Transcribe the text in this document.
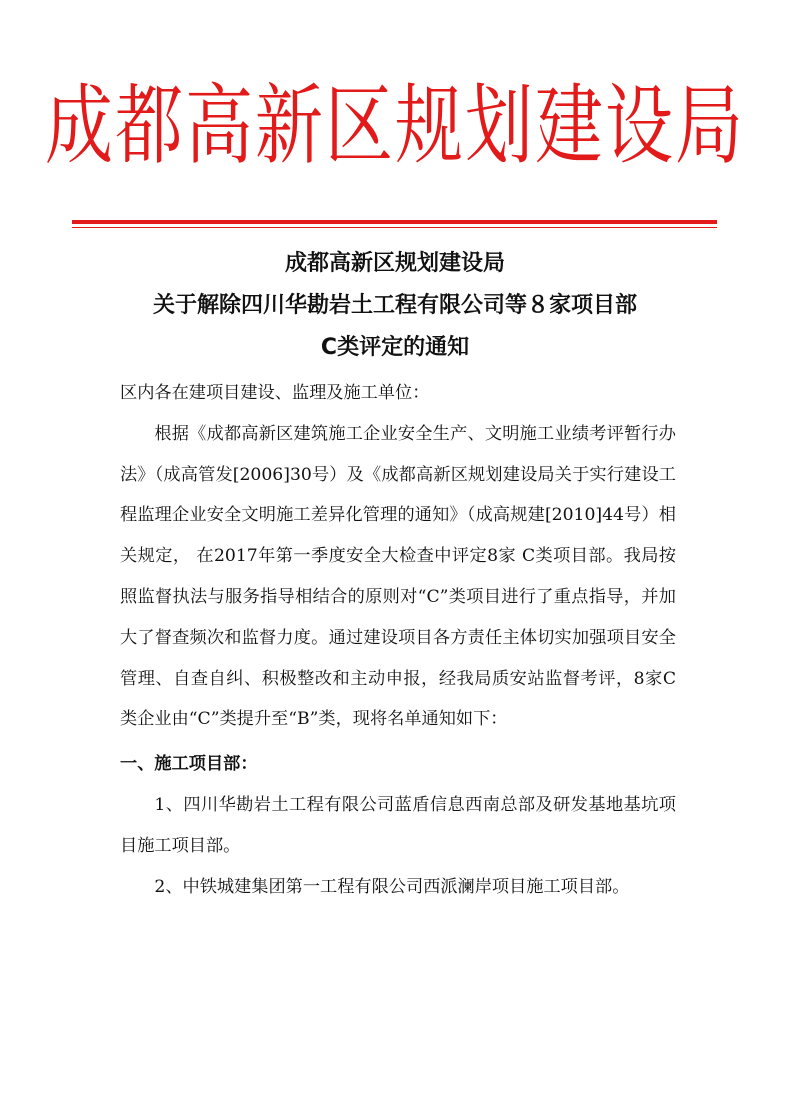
成都高新区规划建设局
成都高新区规划建设局
关于解除四川华勘岩土工程有限公司等８家项目部
C类评定的通知

区内各在建项目建设、监理及施工单位：

根据《成都高新区建筑施工企业安全生产、文明施工业绩考评暂行办法》（成高管发[2006]30号）及《成都高新区规划建设局关于实行建设工程监理企业安全文明施工差异化管理的通知》（成高规建[2010]44号）相关规定， 在2017年第一季度安全大检查中评定8家 C类项目部。我局按照监督执法与服务指导相结合的原则对“C”类项目进行了重点指导，并加大了督查频次和监督力度。通过建设项目各方责任主体切实加强项目安全管理、自查自纠、积极整改和主动申报，经我局质安站监督考评，8家C类企业由“C”类提升至“B”类，现将名单通知如下：

一、施工项目部：

1、四川华勘岩土工程有限公司蓝盾信息西南总部及研发基地基坑项目施工项目部。

2、中铁城建集团第一工程有限公司西派澜岸项目施工项目部。
